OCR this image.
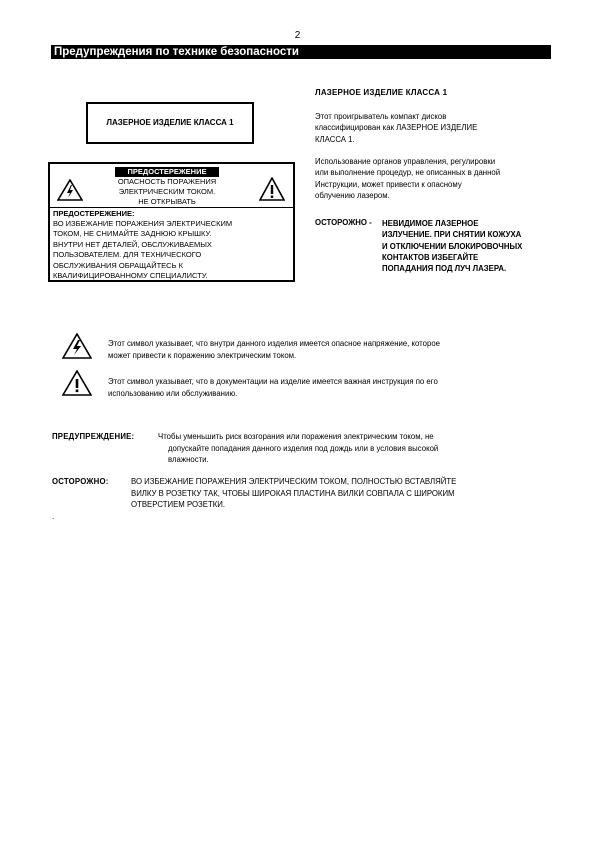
2
Предупреждения по технике безопасности
ЛАЗЕРНОЕ ИЗДЕЛИЕ КЛАССА 1
ПРЕДОСТЕРЕЖЕНИЕ
ОПАСНОСТЬ ПОРАЖЕНИЯ
ЭЛЕКТРИЧЕСКИМ ТОКОМ.
НЕ ОТКРЫВАТЬ
ПРЕДОСТЕРЕЖЕНИЕ:
ВО ИЗБЕЖАНИЕ ПОРАЖЕНИЯ ЭЛЕКТРИЧЕСКИМ
ТОКОМ, НЕ СНИМАЙТЕ ЗАДНЮЮ КРЫШКУ.
ВНУТРИ НЕТ ДЕТАЛЕЙ, ОБСЛУЖИВАЕМЫХ
ПОЛЬЗОВАТЕЛЕМ. ДЛЯ ТЕХНИЧЕСКОГО
ОБСЛУЖИВАНИЯ ОБРАЩАЙТЕСЬ К
КВАЛИФИЦИРОВАННОМУ СПЕЦИАЛИСТУ.
ЛАЗЕРНОЕ ИЗДЕЛИЕ КЛАССА 1
Этот проигрыватель компакт дисков
классифицирован как ЛАЗЕРНОЕ ИЗДЕЛИЕ
КЛАССА 1.
Использование органов управления, регулировки
или выполнение процедур, не описанных в данной
Инструкции, может привести к опасному
облучению лазером.
ОСТОРОЖНО - НЕВИДИМОЕ ЛАЗЕРНОЕ
ИЗЛУЧЕНИЕ. ПРИ СНЯТИИ КОЖУХА
И ОТКЛЮЧЕНИИ БЛОКИРОВОЧНЫХ
КОНТАКТОВ ИЗБЕГАЙТЕ
ПОПАДАНИЯ ПОД ЛУЧ ЛАЗЕРА.
Этот символ указывает, что внутри данного изделия имеется опасное напряжение, которое
может привести к поражению электрическим током.
Этот символ указывает, что в документации на изделие имеется важная инструкция по его
использованию или обслуживанию.
ПРЕДУПРЕЖДЕНИЕ:	Чтобы уменьшить риск возгорания или поражения электрическим током, не
допускайте попадания данного изделия под дождь или в условия высокой
влажности.
ОСТОРОЖНО:	ВО ИЗБЕЖАНИЕ ПОРАЖЕНИЯ ЭЛЕКТРИЧЕСКИМ ТОКОМ, ПОЛНОСТЬЮ ВСТАВЛЯЙТЕ
ВИЛКУ В РОЗЕТКУ ТАК, ЧТОБЫ ШИРОКАЯ ПЛАСТИНА ВИЛКИ СОВПАЛА С ШИРОКИМ
ОТВЕРСТИЕМ РОЗЕТКИ.
.
